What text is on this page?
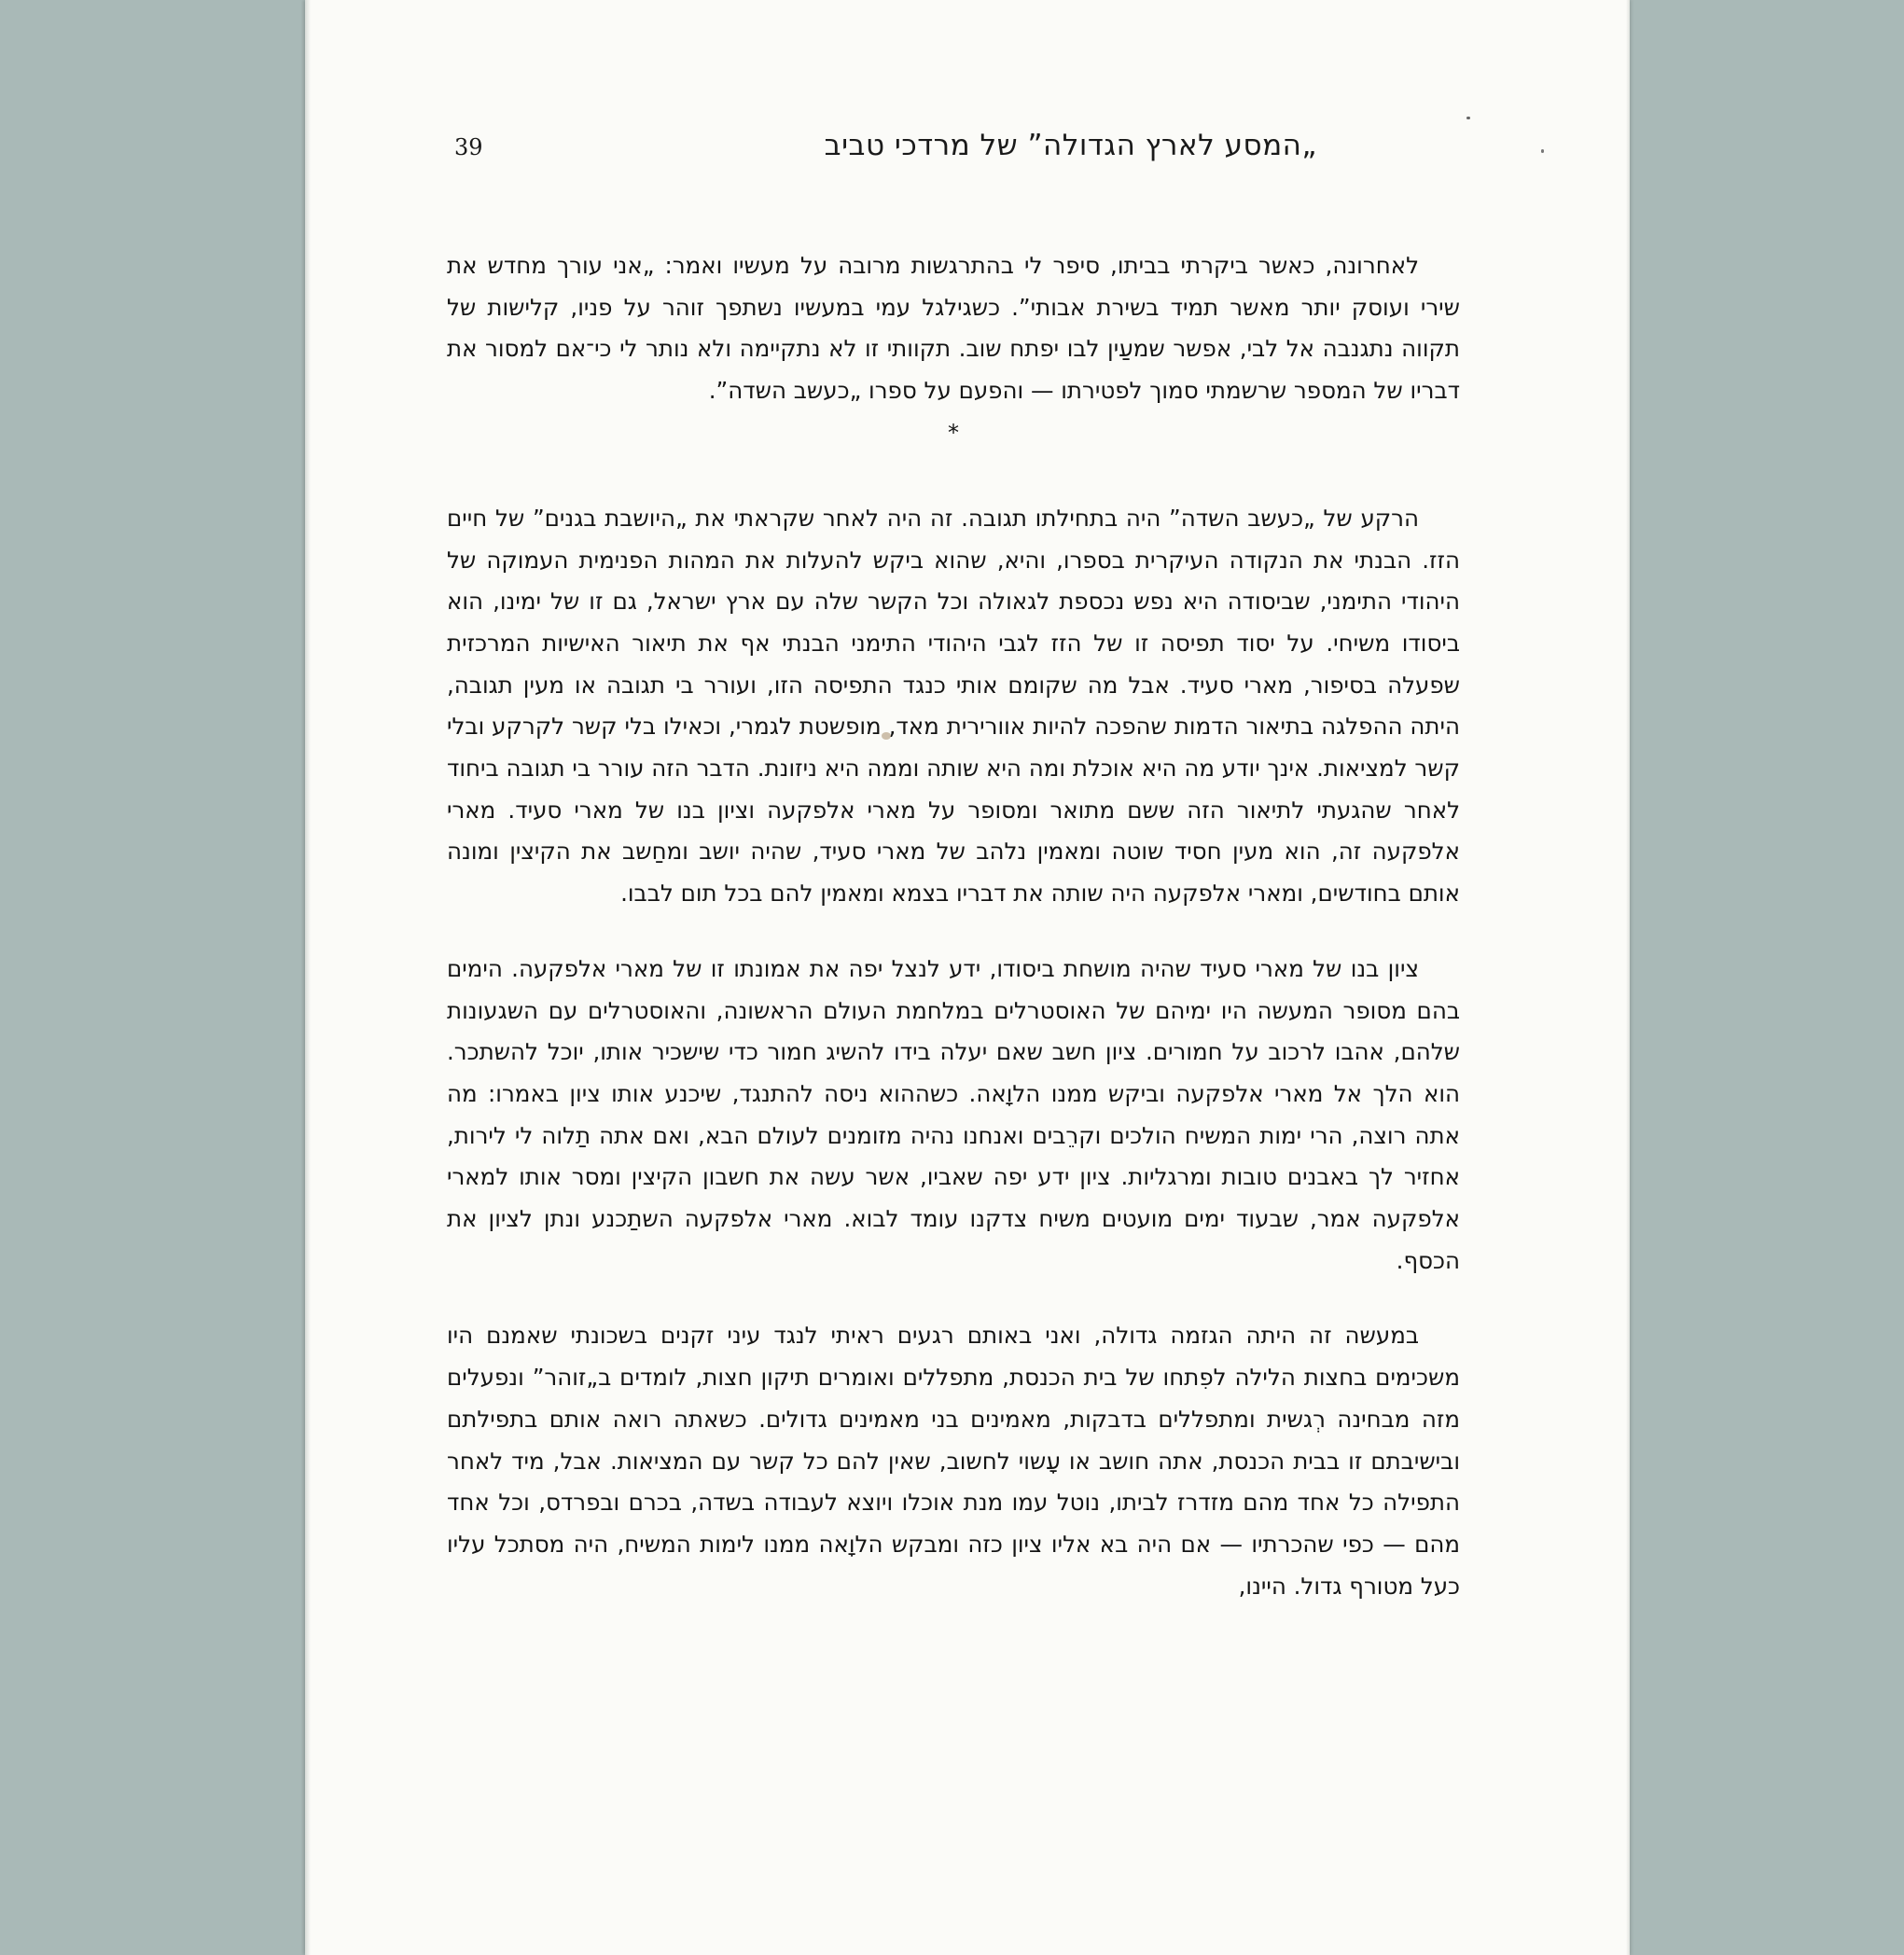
39	„המסע לארץ הגדולה” של מרדכי טביב

לאחרונה, כאשר ביקרתי בביתו, סיפר לי בהתרגשות מרובה על מעשיו ואמר: „אני עורך מחדש את שירי ועוסק יותר מאשר תמיד בשירת אבותי”. כשגילגל עמי במעשיו נשתפך זוהר על פניו, קלישות של תקווה נתגנבה אל לבי, אפשר שמעַין לבו יפתח שוב. תקוותי זו לא נתקיימה ולא נותר לי כי־אם למסור את דבריו של המספר שרשמתי סמוך לפטירתו — והפעם על ספרו „כעשב השדה”.

*

הרקע של „כעשב השדה” היה בתחילתו תגובה. זה היה לאחר שקראתי את „היושבת בגנים” של חיים הזז. הבנתי את הנקודה העיקרית בספרו, והיא, שהוא ביקש להעלות את המהות הפנימית העמוקה של היהודי התימני, שביסודה היא נפש נכספת לגאולה וכל הקשר שלה עם ארץ ישראל, גם זו של ימינו, הוא ביסודו משיחי. על יסוד תפיסה זו של הזז לגבי היהודי התימני הבנתי אף את תיאור האישיות המרכזית שפעלה בסיפור, מארי סעיד. אבל מה שקומם אותי כנגד התפיסה הזו, ועורר בי תגובה או מעין תגובה, היתה ההפלגה בתיאור הדמות שהפכה להיות אוורירית מאד, מופשטת לגמרי, וכאילו בלי קשר לקרקע ובלי קשר למציאות. אינך יודע מה היא אוכלת ומה היא שותה וממה היא ניזונת. הדבר הזה עורר בי תגובה ביחוד לאחר שהגעתי לתיאור הזה ששם מתואר ומסופר על מארי אלפקעה וציון בנו של מארי סעיד. מארי אלפקעה זה, הוא מעין חסיד שוטה ומאמין נלהב של מארי סעיד, שהיה יושב ומחַשב את הקיצין ומונה אותם בחודשים, ומארי אלפקעה היה שותה את דבריו בצמא ומאמין להם בכל תום לבבו.

ציון בנו של מארי סעיד שהיה מושחת ביסודו, ידע לנצל יפה את אמונתו זו של מארי אלפקעה. הימים בהם מסופר המעשה היו ימיהם של האוסטרלים במלחמת העולם הראשונה, והאוסטרלים עם השגעונות שלהם, אהבו לרכוב על חמורים. ציון חשב שאם יעלה בידו להשיג חמור כדי שישכיר אותו, יוכל להשתכר. הוא הלך אל מארי אלפקעה וביקש ממנו הלוָאה. כשההוא ניסה להתנגד, שיכנע אותו ציון באמרו: מה אתה רוצה, הרי ימות המשיח הולכים וקרֵבים ואנחנו נהיה מזומנים לעולם הבא, ואם אתה תַלוה לי לירות, אחזיר לך באבנים טובות ומרגליות. ציון ידע יפה שאביו, אשר עשה את חשבון הקיצין ומסר אותו למארי אלפקעה אמר, שבעוד ימים מועטים משיח צדקנו עומד לבוא. מארי אלפקעה השתַכנע ונתן לציון את הכסף.

במעשה זה היתה הגזמה גדולה, ואני באותם רגעים ראיתי לנגד עיני זקנים בשכונתי שאמנם היו משכימים בחצות הלילה לפִתחו של בית הכנסת, מתפללים ואומרים תיקון חצות, לומדים ב„זוהר” ונפעלים מזה מבחינה רְגשית ומתפללים בדבקות, מאמינים בני מאמינים גדולים. כשאתה רואה אותם בתפילתם ובישיבתם זו בבית הכנסת, אתה חושב או עָשוי לחשוב, שאין להם כל קשר עם המציאות. אבל, מיד לאחר התפילה כל אחד מהם מזדרז לביתו, נוטל עמו מנת אוכלו ויוצא לעבודה בשדה, בכרם ובפרדס, וכל אחד מהם — כפי שהכרתיו — אם היה בא אליו ציון כזה ומבקש הלוָאה ממנו לימות המשיח, היה מסתכל עליו כעל מטורף גדול. היינו,
